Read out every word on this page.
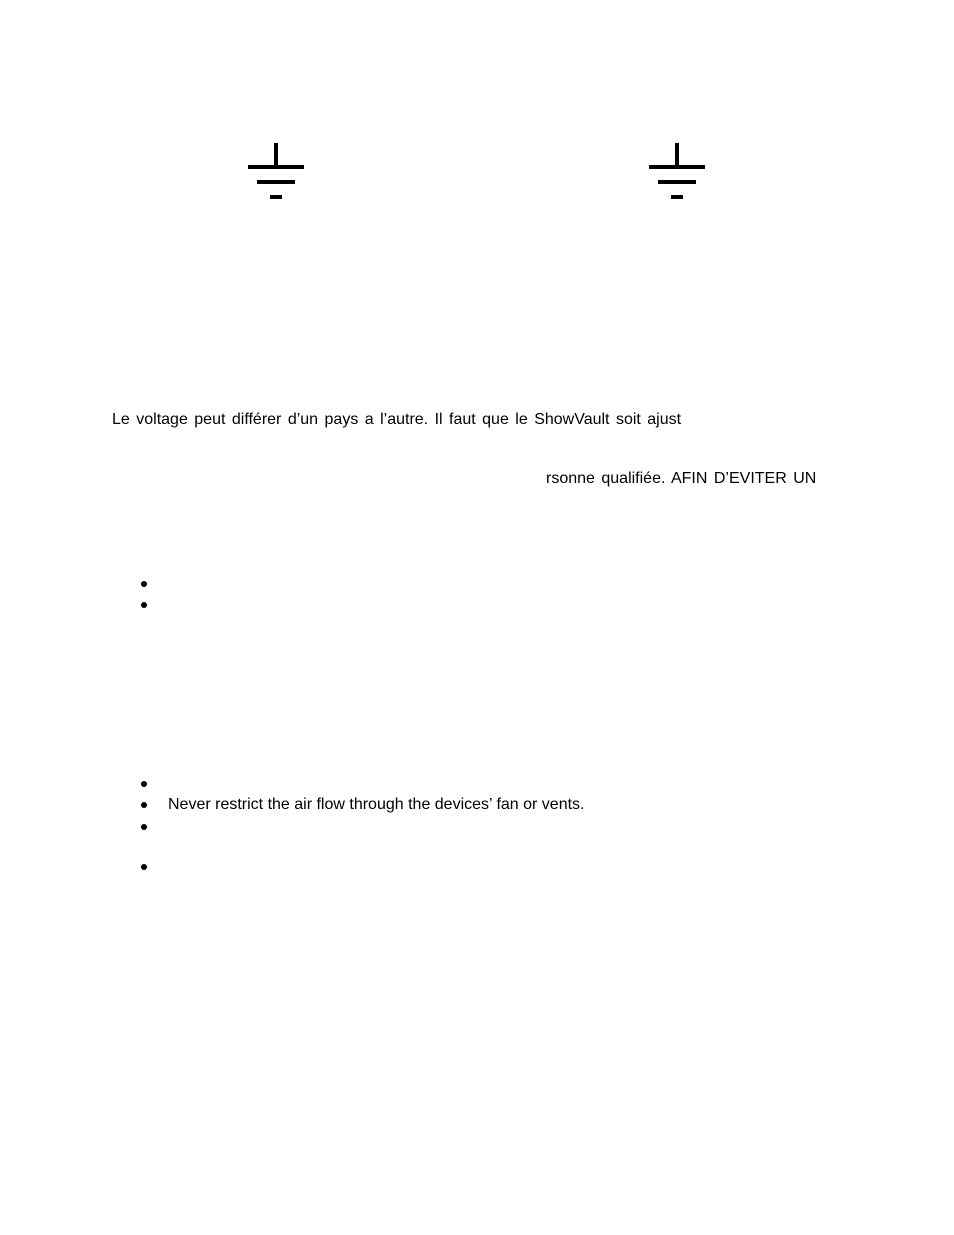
Le voltage peut différer d’un pays a l’autre. Il faut que le ShowVault soit ajust
rsonne qualifiée. AFIN D’EVITER UN
Never restrict the air flow through the devices’ fan or vents.
